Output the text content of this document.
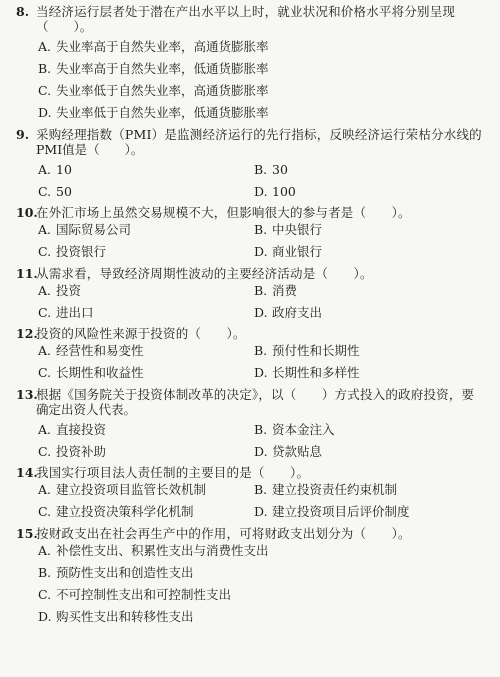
8. 当经济运行层者处于潜在产出水平以上时，就业状况和价格水平将分别呈现
（　　）。
A. 失业率高于自然失业率，高通货膨胀率
B. 失业率高于自然失业率，低通货膨胀率
C. 失业率低于自然失业率，高通货膨胀率
D. 失业率低于自然失业率，低通货膨胀率
9. 采购经理指数（PMI）是监测经济运行的先行指标，反映经济运行荣枯分水线的
PMI值是（　　）。
A. 10	B. 30
C. 50	D. 100
10.
在外汇市场上虽然交易规模不大，但影响很大的参与者是（　　）。
A. 国际贸易公司	B. 中央银行
C. 投资银行	D. 商业银行
11.
从需求看，导致经济周期性波动的主要经济活动是（　　）。
A. 投资	B. 消费
C. 进出口	D. 政府支出
12.
投资的风险性来源于投资的（　　）。
A. 经营性和易变性	B. 预付性和长期性
C. 长期性和收益性	D. 长期性和多样性
13.
根据《国务院关于投资体制改革的决定》，以（　　）方式投入的政府投资，要
确定出资人代表。
A. 直接投资	B. 资本金注入
C. 投资补助	D. 贷款贴息
14.
我国实行项目法人责任制的主要目的是（　　）。
A. 建立投资项目监管长效机制	B. 建立投资责任约束机制
C. 建立投资决策科学化机制	D. 建立投资项目后评价制度
15.
按财政支出在社会再生产中的作用，可将财政支出划分为（　　）。
A. 补偿性支出、积累性支出与消费性支出
B. 预防性支出和创造性支出
C. 不可控制性支出和可控制性支出
D. 购买性支出和转移性支出
